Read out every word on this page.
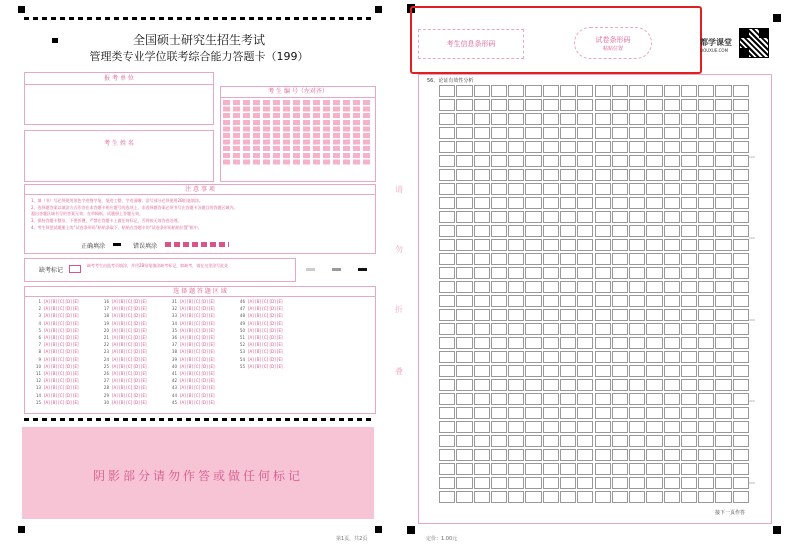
全国硕士研究生招生考试
管理类专业学位联考综合能力答题卡（199）
报 考 单 位
考 生 姓 名
考 生 编 号（左对齐）
注 意 事 项
1、填（书）写必须使用黑色字迹签字笔、笔迹工整、字迹清晰；涂写部分必须使用2B铅笔填涂。
2、选择题答案以填涂方式作答在本答题卡相应题号的选项上，非选择题答案必须书写在答题卡各题目的答题区域内。
超出答题区域书写的答案无效；在草稿纸、试题册上答题无效。
3、保持答题卡整洁，不要折叠，严禁在答题卡上做任何标记，否则按无效答卷处理。
4、考生须把试题册上的“试卷条形码”粘贴条取下，粘贴在答题卡的“试卷条形码粘贴位置”框中。
正确填涂	错误填涂
缺考标记
缺考考生由监考员填涂，并用2B铅笔填涂缺考标记，如缺考，请在这里涂写此处
选 择 题 答 题 区 域
1 [A] [B] [C] [D] [E]
2 [A] [B] [C] [D] [E]
3 [A] [B] [C] [D] [E]
4 [A] [B] [C] [D] [E]
5 [A] [B] [C] [D] [E]
6 [A] [B] [C] [D] [E]
7 [A] [B] [C] [D] [E]
8 [A] [B] [C] [D] [E]
9 [A] [B] [C] [D] [E]
10 [A] [B] [C] [D] [E]
11 [A] [B] [C] [D] [E]
12 [A] [B] [C] [D] [E]
13 [A] [B] [C] [D] [E]
14 [A] [B] [C] [D] [E]
15 [A] [B] [C] [D] [E]
16 [A] [B] [C] [D] [E]
17 [A] [B] [C] [D] [E]
18 [A] [B] [C] [D] [E]
19 [A] [B] [C] [D] [E]
20 [A] [B] [C] [D] [E]
21 [A] [B] [C] [D] [E]
22 [A] [B] [C] [D] [E]
23 [A] [B] [C] [D] [E]
24 [A] [B] [C] [D] [E]
25 [A] [B] [C] [D] [E]
26 [A] [B] [C] [D] [E]
27 [A] [B] [C] [D] [E]
28 [A] [B] [C] [D] [E]
29 [A] [B] [C] [D] [E]
30 [A] [B] [C] [D] [E]
31 [A] [B] [C] [D] [E]
32 [A] [B] [C] [D] [E]
33 [A] [B] [C] [D] [E]
34 [A] [B] [C] [D] [E]
35 [A] [B] [C] [D] [E]
36 [A] [B] [C] [D] [E]
37 [A] [B] [C] [D] [E]
38 [A] [B] [C] [D] [E]
39 [A] [B] [C] [D] [E]
40 [A] [B] [C] [D] [E]
41 [A] [B] [C] [D] [E]
42 [A] [B] [C] [D] [E]
43 [A] [B] [C] [D] [E]
44 [A] [B] [C] [D] [E]
45 [A] [B] [C] [D] [E]
46 [A] [B] [C] [D] [E]
47 [A] [B] [C] [D] [E]
48 [A] [B] [C] [D] [E]
49 [A] [B] [C] [D] [E]
50 [A] [B] [C] [D] [E]
51 [A] [B] [C] [D] [E]
52 [A] [B] [C] [D] [E]
53 [A] [B] [C] [D] [E]
54 [A] [B] [C] [D] [E]
55 [A] [B] [C] [D] [E]
阴影部分请勿作答或做任何标记
第1页，共2页
请
勿
折
叠
考生信息条形码	试卷条形码
粘贴位置
都学课堂
DOUXUE.COM
56、论证有效性分析
接下一页作答
定价：1.00元
100
200
300
400
500
